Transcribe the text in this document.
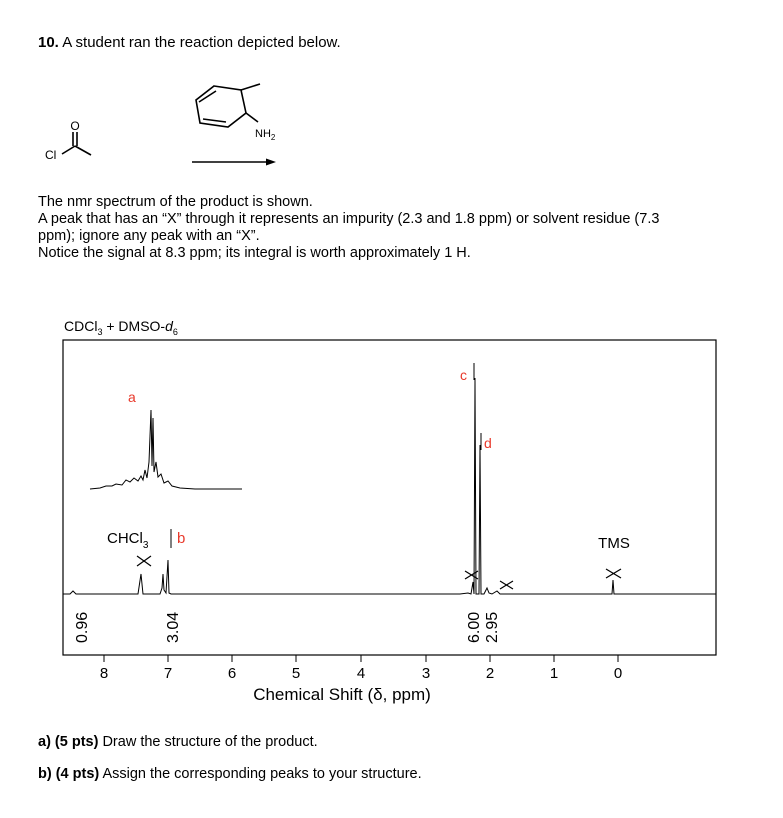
10. A student ran the reaction depicted below.
The nmr spectrum of the product is shown.
A peak that has an “X” through it represents an impurity (2.3 and 1.8 ppm) or solvent residue (7.3
ppm); ignore any peak with an “X”.
Notice the signal at 8.3 ppm; its integral is worth approximately 1 H.
CDCl$_3$ + DMSO-$d_6$
O
Cl
$NH_2$
a
CHCl$_3$ b
c
d
TMS
0.96	3.04	6.00 2.95
8	7	6	5	4	3	2	1	0
Chemical Shift (δ, ppm)
a) (5 pts) Draw the structure of the product.
b) (4 pts) Assign the corresponding peaks to your structure.
